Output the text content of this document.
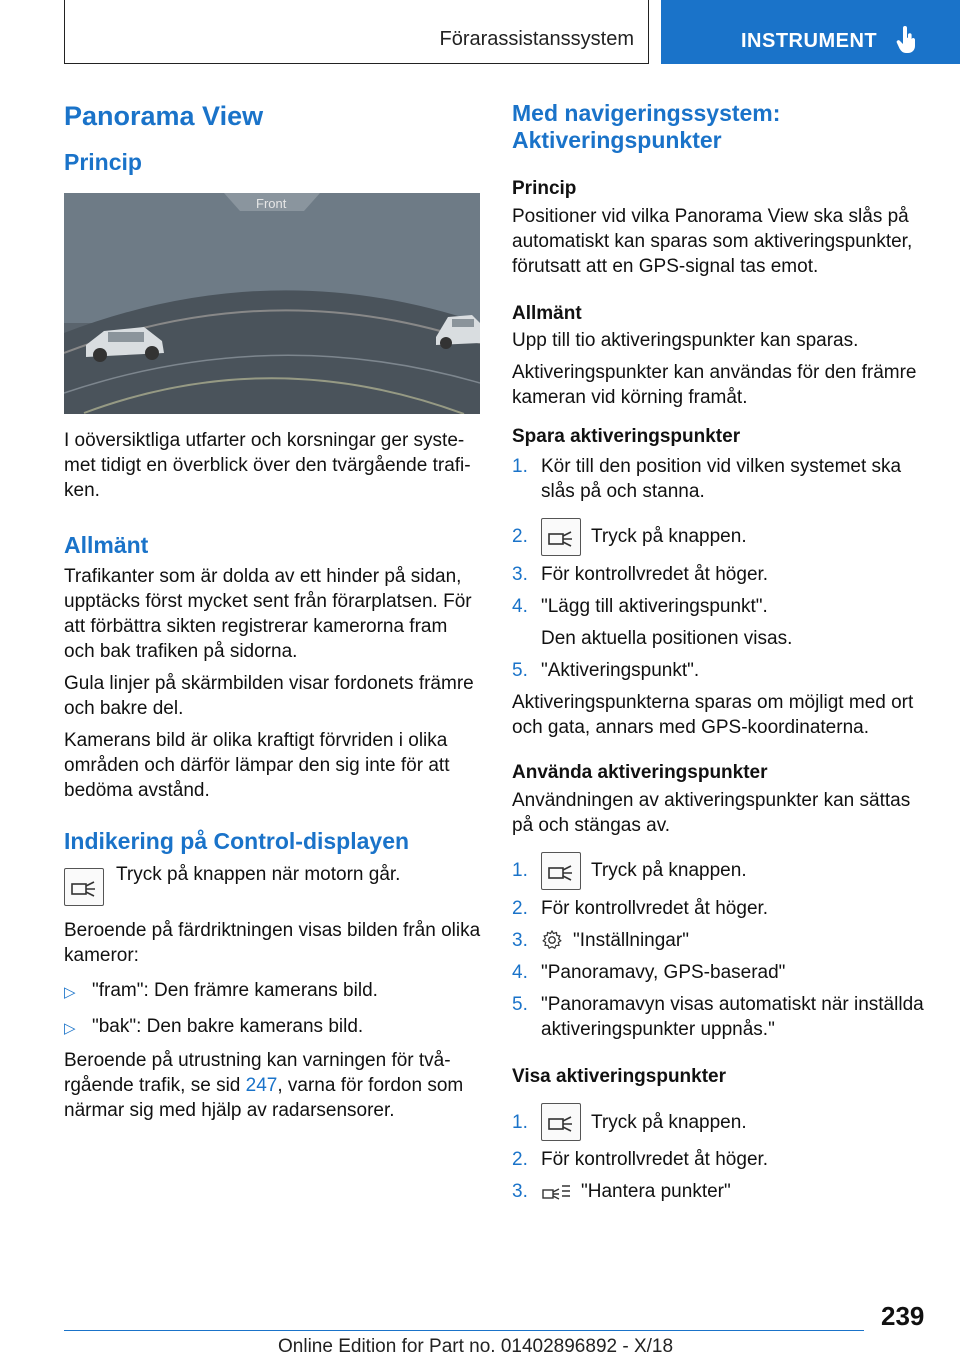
Förarassistanssystem	INSTRUMENT
Panorama View
Princip
Front

I oöversiktliga utfarter och korsningar ger syste-met tidigt en överblick över den tvärgående trafi-ken.

Allmänt

Trafikanter som är dolda av ett hinder på sidan, upptäcks först mycket sent från förarplatsen. För att förbättra sikten registrerar kamerorna fram och bak trafiken på sidorna.

Gula linjer på skärmbilden visar fordonets främre och bakre del.

Kamerans bild är olika kraftigt förvriden i olika områden och därför lämpar den sig inte för att bedöma avstånd.

Indikering på Control-displayen

Tryck på knappen när motorn går.

Beroende på färdriktningen visas bilden från olika kameror:

▷ "fram": Den främre kamerans bild.
▷ "bak": Den bakre kamerans bild.

Beroende på utrustning kan varningen för två-rgående trafik, se sid 247, varna för fordon som närmar sig med hjälp av radarsensorer.

Med navigeringssystem: Aktiveringspunkter
Princip

Positioner vid vilka Panorama View ska slås på automatiskt kan sparas som aktiveringspunkter, förutsatt att en GPS-signal tas emot.

Allmänt

Upp till tio aktiveringspunkter kan sparas.

Aktiveringspunkter kan användas för den främre kameran vid körning framåt.

Spara aktiveringspunkter
1. Kör till den position vid vilken systemet ska slås på och stanna.
2.	Tryck på knappen.
3. För kontrollvredet åt höger.
4. "Lägg till aktiveringspunkt".
Den aktuella positionen visas.
5. "Aktiveringspunkt".

Aktiveringspunkterna sparas om möjligt med ort och gata, annars med GPS-koordinaterna.

Använda aktiveringspunkter

Användningen av aktiveringspunkter kan sättas på och stängas av.

1.	Tryck på knappen.
2. För kontrollvredet åt höger.
3.	"Inställningar"
4. "Panoramavy, GPS-baserad"
5. "Panoramavyn visas automatiskt när inställda aktiveringspunkter uppnås."
Visa aktiveringspunkter
1.	Tryck på knappen.
2. För kontrollvredet åt höger.
3.	"Hantera punkter"
239
Online Edition for Part no. 01402896892 - X/18
